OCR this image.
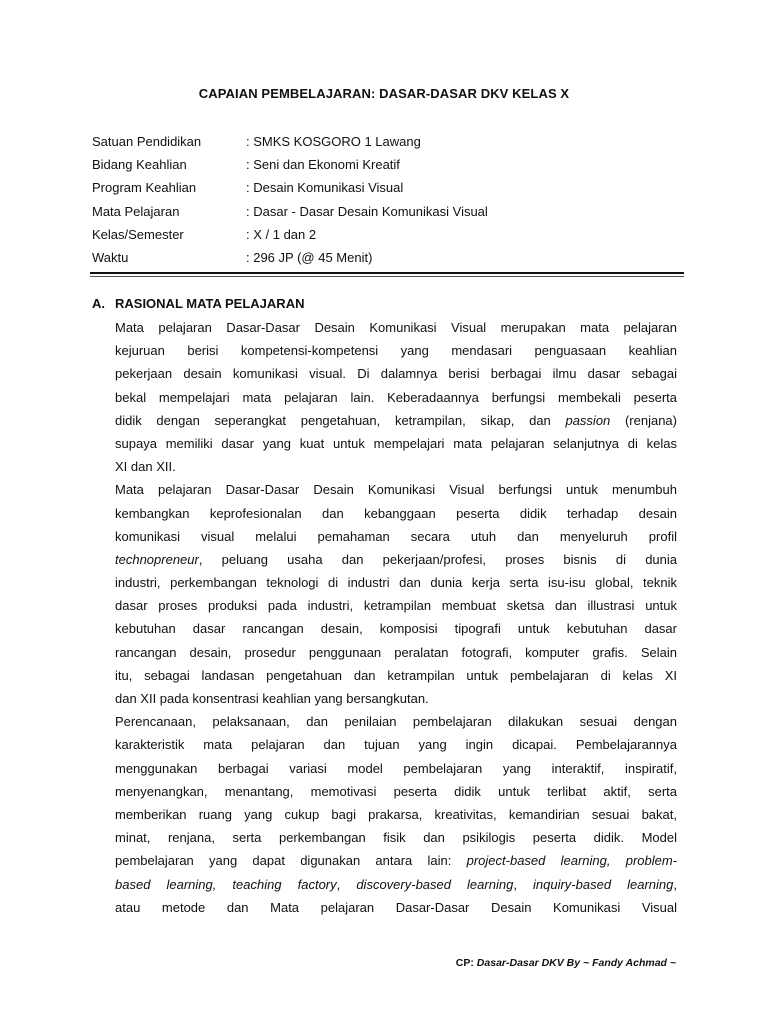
CAPAIAN PEMBELAJARAN: DASAR-DASAR DKV KELAS X
Satuan Pendidikan	: SMKS KOSGORO 1 Lawang
Bidang Keahlian	: Seni dan Ekonomi Kreatif
Program Keahlian	: Desain Komunikasi Visual
Mata Pelajaran	: Dasar - Dasar Desain Komunikasi Visual
Kelas/Semester	: X / 1 dan 2
Waktu	: 296 JP (@ 45 Menit)
A. RASIONAL MATA PELAJARAN
Mata pelajaran Dasar-Dasar Desain Komunikasi Visual merupakan mata pelajaran
kejuruan berisi kompetensi-kompetensi yang mendasari penguasaan keahlian
pekerjaan desain komunikasi visual. Di dalamnya berisi berbagai ilmu dasar sebagai
bekal mempelajari mata pelajaran lain. Keberadaannya berfungsi membekali peserta
didik dengan seperangkat pengetahuan, ketrampilan, sikap, dan passion (renjana)
supaya memiliki dasar yang kuat untuk mempelajari mata pelajaran selanjutnya di kelas
XI dan XII.
Mata pelajaran Dasar-Dasar Desain Komunikasi Visual berfungsi untuk menumbuh
kembangkan keprofesionalan dan kebanggaan peserta didik terhadap desain
komunikasi visual melalui pemahaman secara utuh dan menyeluruh profil
technopreneur, peluang usaha dan pekerjaan/profesi, proses bisnis di dunia
industri, perkembangan teknologi di industri dan dunia kerja serta isu-isu global, teknik
dasar proses produksi pada industri, ketrampilan membuat sketsa dan illustrasi untuk
kebutuhan dasar rancangan desain, komposisi tipografi untuk kebutuhan dasar
rancangan desain, prosedur penggunaan peralatan fotografi, komputer grafis. Selain
itu, sebagai landasan pengetahuan dan ketrampilan untuk pembelajaran di kelas XI
dan XII pada konsentrasi keahlian yang bersangkutan.
Perencanaan, pelaksanaan, dan penilaian pembelajaran dilakukan sesuai dengan
karakteristik mata pelajaran dan tujuan yang ingin dicapai. Pembelajarannya
menggunakan berbagai variasi model pembelajaran yang interaktif, inspiratif,
menyenangkan, menantang, memotivasi peserta didik untuk terlibat aktif, serta
memberikan ruang yang cukup bagi prakarsa, kreativitas, kemandirian sesuai bakat,
minat, renjana, serta perkembangan fisik dan psikilogis peserta didik. Model
pembelajaran yang dapat digunakan antara lain: project-based learning, problem-
based learning, teaching factory, discovery-based learning, inquiry-based learning,
atau metode dan Mata pelajaran Dasar-Dasar Desain Komunikasi Visual
CP: Dasar-Dasar DKV By ~ Fandy Achmad ~
